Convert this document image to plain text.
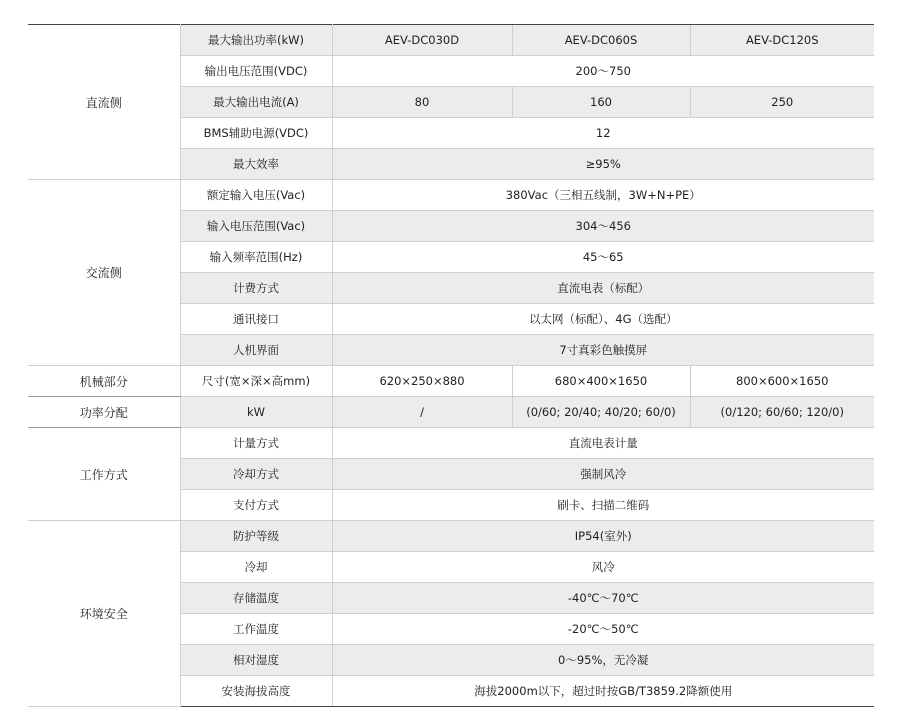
直流侧	最大输出功率(kW)	AEV-DC030D	AEV-DC060S	AEV-DC120S
	输出电压范围(VDC)	200～750		
	最大输出电流(A)	80	160	250
	BMS辅助电源(VDC)	12		
	最大效率	≥95%		
交流侧	额定输入电压(Vac)	380Vac（三相五线制，3W+N+PE）		
	输入电压范围(Vac)	304～456		
	输入频率范围(Hz)	45～65		
	计费方式	直流电表（标配）		
	通讯接口	以太网（标配）、4G（选配）		
	人机界面	7寸真彩色触摸屏		
机械部分	尺寸(宽×深×高mm)	620×250×880	680×400×1650	800×600×1650
功率分配	kW	/	(0/60; 20/40; 40/20; 60/0)	(0/120; 60/60; 120/0)
工作方式	计量方式	直流电表计量		
	冷却方式	强制风冷		
	支付方式	刷卡、扫描二维码		
环境安全	防护等级	IP54(室外)		
	冷却	风冷		
	存储温度	-40℃～70℃		
	工作温度	-20℃～50℃		
	相对湿度	0～95%，无冷凝		
	安装海拔高度	海拔2000m以下，超过时按GB/T3859.2降额使用		
